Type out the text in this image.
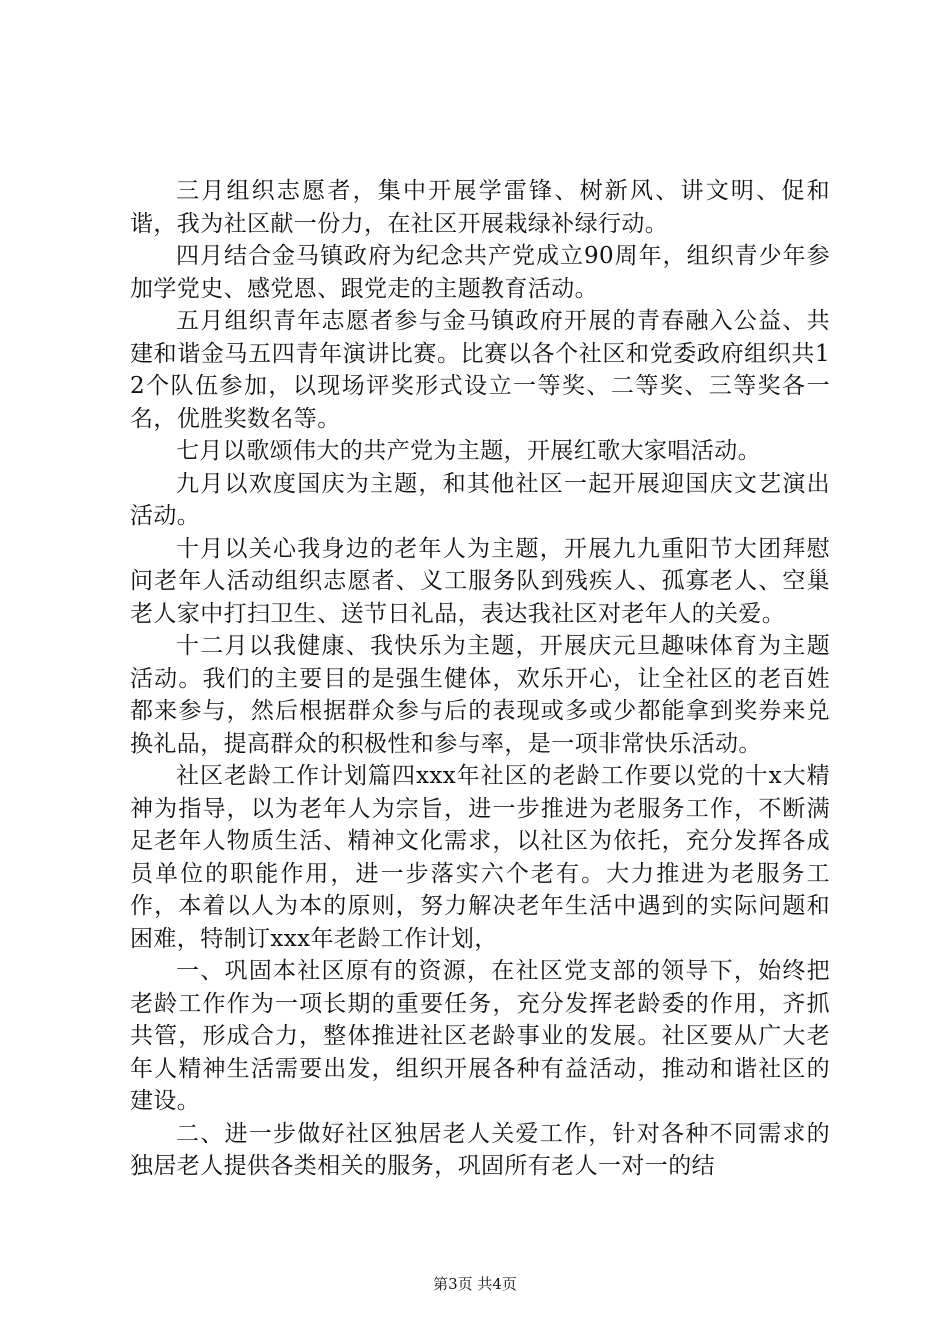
三月组织志愿者，集中开展学雷锋、树新风、讲文明、促和谐，我为社区献一份力，在社区开展栽绿补绿行动。

四月结合金马镇政府为纪念共产党成立90周年，组织青少年参加学党史、感党恩、跟党走的主题教育活动。

五月组织青年志愿者参与金马镇政府开展的青春融入公益、共建和谐金马五四青年演讲比赛。比赛以各个社区和党委政府组织共12个队伍参加，以现场评奖形式设立一等奖、二等奖、三等奖各一名，优胜奖数名等。

七月以歌颂伟大的共产党为主题，开展红歌大家唱活动。

九月以欢度国庆为主题，和其他社区一起开展迎国庆文艺演出活动。

十月以关心我身边的老年人为主题，开展九九重阳节大团拜慰问老年人活动组织志愿者、义工服务队到残疾人、孤寡老人、空巢老人家中打扫卫生、送节日礼品，表达我社区对老年人的关爱。

十二月以我健康、我快乐为主题，开展庆元旦趣味体育为主题活动。我们的主要目的是强生健体，欢乐开心，让全社区的老百姓都来参与，然后根据群众参与后的表现或多或少都能拿到奖券来兑换礼品，提高群众的积极性和参与率，是一项非常快乐活动。

社区老龄工作计划篇四xxx年社区的老龄工作要以党的十x大精神为指导，以为老年人为宗旨，进一步推进为老服务工作，不断满足老年人物质生活、精神文化需求，以社区为依托，充分发挥各成员单位的职能作用，进一步落实六个老有。大力推进为老服务工作，本着以人为本的原则，努力解决老年生活中遇到的实际问题和困难，特制订xxx年老龄工作计划，

一、巩固本社区原有的资源，在社区党支部的领导下，始终把老龄工作作为一项长期的重要任务，充分发挥老龄委的作用，齐抓共管，形成合力，整体推进社区老龄事业的发展。社区要从广大老年人精神生活需要出发，组织开展各种有益活动，推动和谐社区的建设。

二、进一步做好社区独居老人关爱工作，针对各种不同需求的独居老人提供各类相关的服务，巩固所有老人一对一的结

第3页 共4页
